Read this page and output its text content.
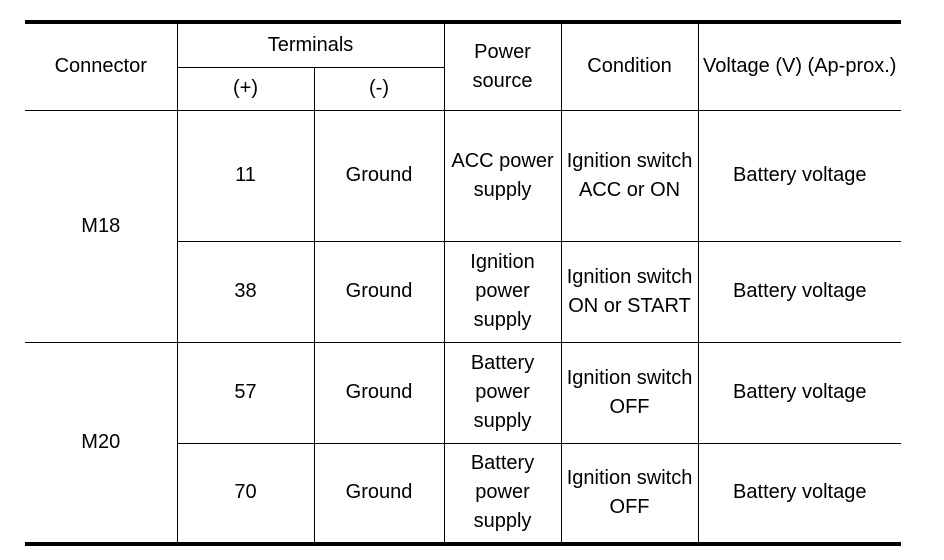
Connector	Terminals		Power source	Condition	Voltage (V) (Ap-prox.)
	(+)	(-)			
M18	11	Ground	ACC power supply	Ignition switch ACC or ON	Battery voltage
	38	Ground	Ignition power supply	Ignition switch ON or START	Battery voltage
M20	57	Ground	Battery power supply	Ignition switch OFF	Battery voltage
	70	Ground	Battery power supply	Ignition switch OFF	Battery voltage
